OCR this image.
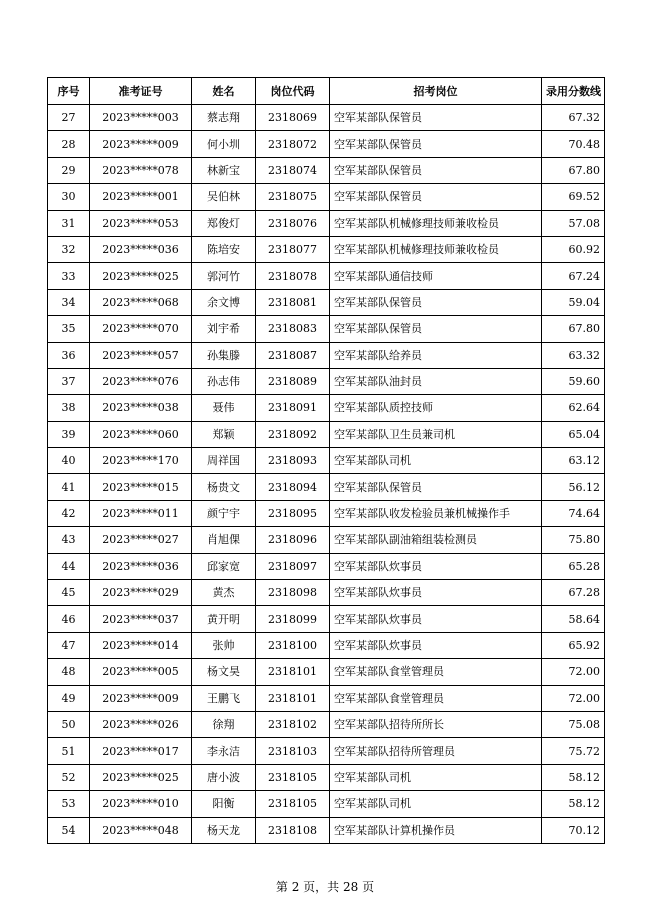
序号	准考证号	姓名	岗位代码	招考岗位	录用分数线
27	2023*****003	蔡志翔	2318069	空军某部队保管员	67.32
28	2023*****009	何小圳	2318072	空军某部队保管员	70.48
29	2023*****078	林新宝	2318074	空军某部队保管员	67.80
30	2023*****001	吴伯林	2318075	空军某部队保管员	69.52
31	2023*****053	郑俊灯	2318076	空军某部队机械修理技师兼收检员	57.08
32	2023*****036	陈培安	2318077	空军某部队机械修理技师兼收检员	60.92
33	2023*****025	郭河竹	2318078	空军某部队通信技师	67.24
34	2023*****068	余文博	2318081	空军某部队保管员	59.04
35	2023*****070	刘宇希	2318083	空军某部队保管员	67.80
36	2023*****057	孙集滕	2318087	空军某部队给养员	63.32
37	2023*****076	孙志伟	2318089	空军某部队油封员	59.60
38	2023*****038	聂伟	2318091	空军某部队质控技师	62.64
39	2023*****060	郑颖	2318092	空军某部队卫生员兼司机	65.04
40	2023*****170	周祥国	2318093	空军某部队司机	63.12
41	2023*****015	杨贵文	2318094	空军某部队保管员	56.12
42	2023*****011	颜宁宇	2318095	空军某部队收发检验员兼机械操作手	74.64
43	2023*****027	肖旭倮	2318096	空军某部队副油箱组装检测员	75.80
44	2023*****036	邱家宽	2318097	空军某部队炊事员	65.28
45	2023*****029	黄杰	2318098	空军某部队炊事员	67.28
46	2023*****037	黄开明	2318099	空军某部队炊事员	58.64
47	2023*****014	张帅	2318100	空军某部队炊事员	65.92
48	2023*****005	杨文昊	2318101	空军某部队食堂管理员	72.00
49	2023*****009	王鹏飞	2318101	空军某部队食堂管理员	72.00
50	2023*****026	徐翔	2318102	空军某部队招待所所长	75.08
51	2023*****017	李永洁	2318103	空军某部队招待所管理员	75.72
52	2023*****025	唐小波	2318105	空军某部队司机	58.12
53	2023*****010	阳衡	2318105	空军某部队司机	58.12
54	2023*****048	杨天龙	2318108	空军某部队计算机操作员	70.12
第 2 页，共 28 页
